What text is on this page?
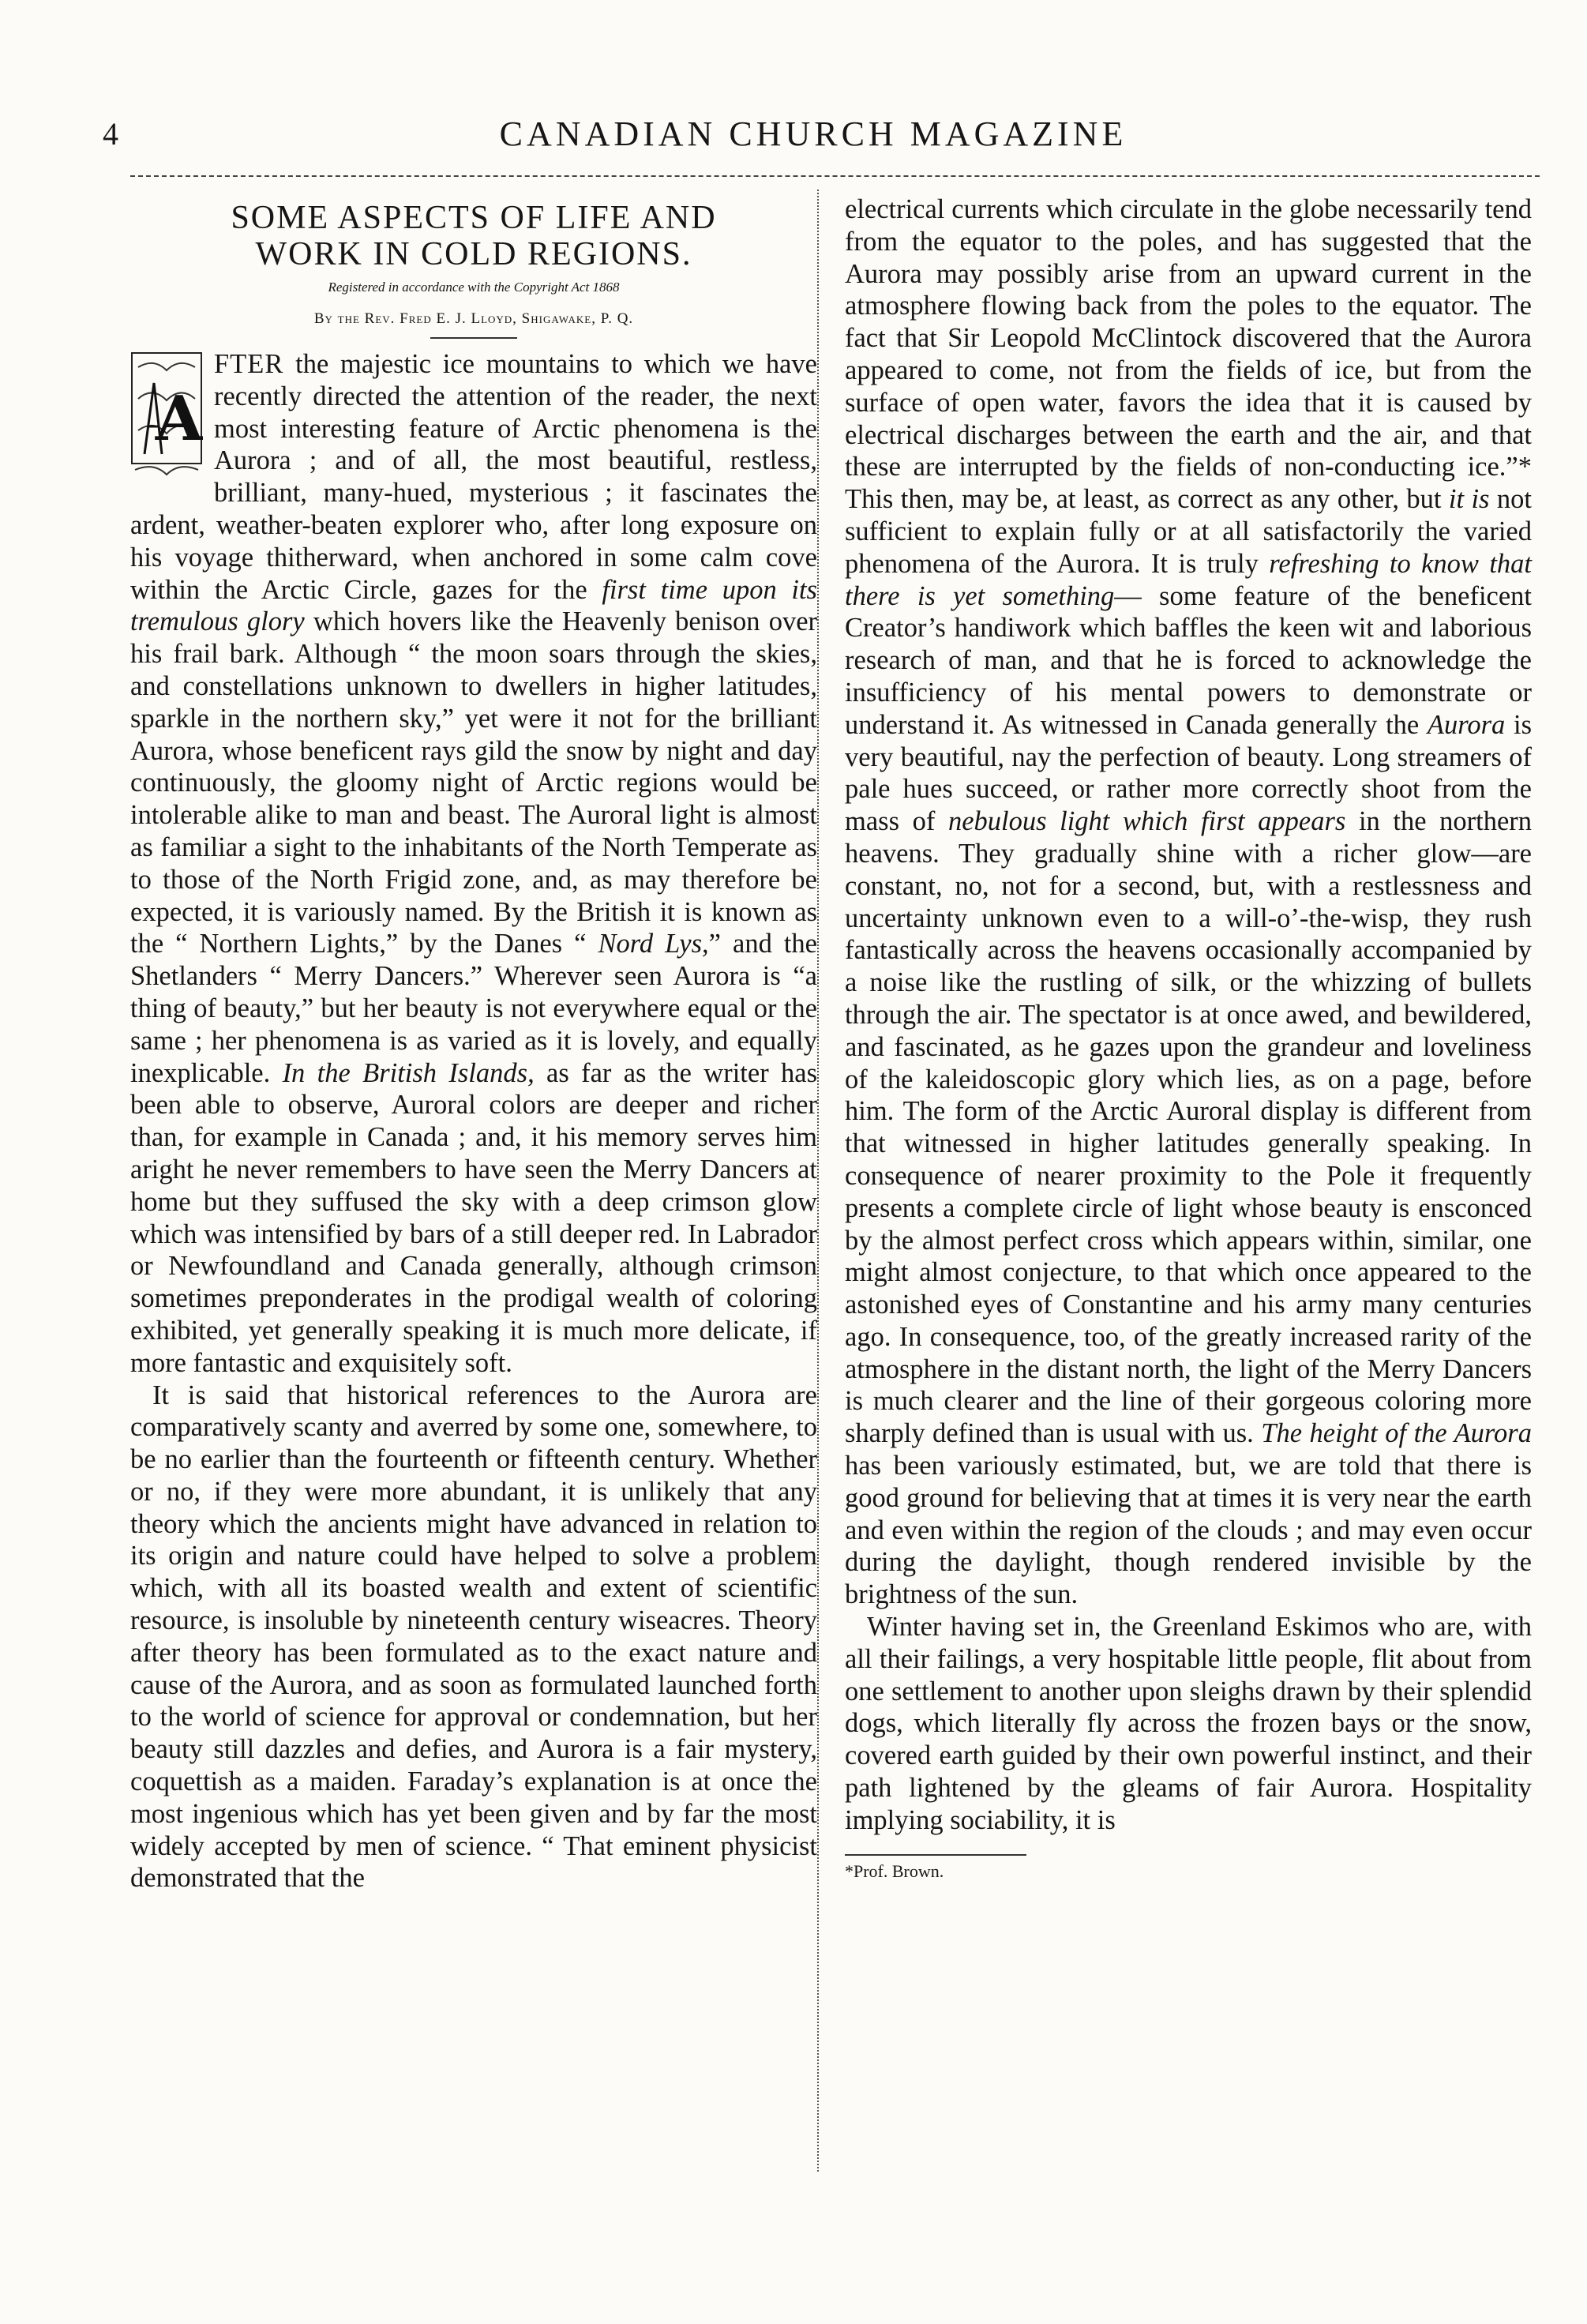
4	CANADIAN CHURCH MAGAZINE
SOME ASPECTS OF LIFE AND
WORK IN COLD REGIONS.
Registered in accordance with the Copyright Act 1868
By the Rev. Fred E. J. Lloyd, Shigawake, P. Q.

A
FTER the majestic ice mountains to which we have recently directed the attention of the reader, the next most interesting feature of Arctic phenomena is the Aurora ; and of all, the most beautiful, restless, brilliant, many-hued, mysterious ; it fascinates the ardent, weather-beaten explorer who, after long exposure on his voyage thitherward, when anchored in some calm cove within the Arctic Circle, gazes for the first time upon its tremulous glory which hovers like the Heavenly benison over his frail bark. Although “ the moon soars through the skies, and constellations unknown to dwellers in higher latitudes, sparkle in the northern sky,” yet were it not for the brilliant Aurora, whose beneficent rays gild the snow by night and day continuously, the gloomy night of Arctic regions would be intolerable alike to man and beast. The Auroral light is almost as familiar a sight to the inhabitants of the North Temperate as to those of the North Frigid zone, and, as may therefore be expected, it is variously named. By the British it is known as the “ Northern Lights,” by the Danes “ Nord Lys,” and the Shetlanders “ Merry Dancers.” Wherever seen Aurora is “a thing of beauty,” but her beauty is not everywhere equal or the same ; her phenomena is as varied as it is lovely, and equally inexplicable. In the British Islands, as far as the writer has been able to observe, Auroral colors are deeper and richer than, for example in Canada ; and, it his memory serves him aright he never remembers to have seen the Merry Dancers at home but they suffused the sky with a deep crimson glow which was intensified by bars of a still deeper red. In Labrador or Newfoundland and Canada generally, although crimson sometimes preponderates in the prodigal wealth of coloring exhibited, yet generally speaking it is much more delicate, if more fantastic and exquisitely soft.

It is said that historical references to the Aurora are comparatively scanty and averred by some one, somewhere, to be no earlier than the fourteenth or fifteenth century. Whether or no, if they were more abundant, it is unlikely that any theory which the ancients might have advanced in relation to its origin and nature could have helped to solve a problem which, with all its boasted wealth and extent of scientific resource, is insoluble by nineteenth century wiseacres. Theory after theory has been formulated as to the exact nature and cause of the Aurora, and as soon as formulated launched forth to the world of science for approval or condemnation, but her beauty still dazzles and defies, and Aurora is a fair mystery, coquettish as a maiden. Faraday’s explanation is at once the most ingenious which has yet been given and by far the most widely accepted by men of science. “ That eminent physicist demonstrated that the

electrical currents which circulate in the globe necessarily tend from the equator to the poles, and has suggested that the Aurora may possibly arise from an upward current in the atmosphere flowing back from the poles to the equator. The fact that Sir Leopold McClintock discovered that the Aurora appeared to come, not from the fields of ice, but from the surface of open water, favors the idea that it is caused by electrical discharges between the earth and the air, and that these are interrupted by the fields of non-conducting ice.”* This then, may be, at least, as correct as any other, but it is not sufficient to explain fully or at all satisfactorily the varied phenomena of the Aurora. It is truly refreshing to know that there is yet something— some feature of the beneficent Creator’s handiwork which baffles the keen wit and laborious research of man, and that he is forced to acknowledge the insufficiency of his mental powers to demonstrate or understand it. As witnessed in Canada generally the Aurora is very beautiful, nay the perfection of beauty. Long streamers of pale hues succeed, or rather more correctly shoot from the mass of nebulous light which first appears in the northern heavens. They gradually shine with a richer glow—are constant, no, not for a second, but, with a restlessness and uncertainty unknown even to a will-o’-the-wisp, they rush fantastically across the heavens occasionally accompanied by a noise like the rustling of silk, or the whizzing of bullets through the air. The spectator is at once awed, and bewildered, and fascinated, as he gazes upon the grandeur and loveliness of the kaleidoscopic glory which lies, as on a page, before him. The form of the Arctic Auroral display is different from that witnessed in higher latitudes generally speaking. In consequence of nearer proximity to the Pole it frequently presents a complete circle of light whose beauty is ensconced by the almost perfect cross which appears within, similar, one might almost conjecture, to that which once appeared to the astonished eyes of Constantine and his army many centuries ago. In consequence, too, of the greatly increased rarity of the atmosphere in the distant north, the light of the Merry Dancers is much clearer and the line of their gorgeous coloring more sharply defined than is usual with us. The height of the Aurora has been variously estimated, but, we are told that there is good ground for believing that at times it is very near the earth and even within the region of the clouds ; and may even occur during the daylight, though rendered invisible by the brightness of the sun.

Winter having set in, the Greenland Eskimos who are, with all their failings, a very hospitable little people, flit about from one settlement to another upon sleighs drawn by their splendid dogs, which literally fly across the frozen bays or the snow, covered earth guided by their own powerful instinct, and their path lightened by the gleams of fair Aurora. Hospitality implying sociability, it is

*Prof. Brown.
